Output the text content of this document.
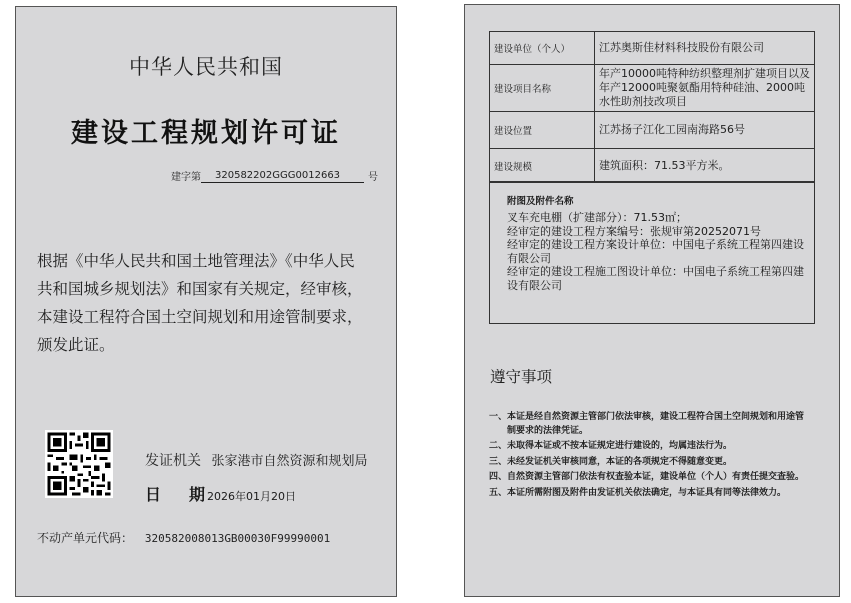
中华人民共和国
建设工程规划许可证
建字第	320582202GGG0012663	号
根据《中华人民共和国土地管理法》《中华人民共和国城乡规划法》和国家有关规定，经审核，本建设工程符合国土空间规划和用途管制要求，颁发此证。
发证机关 张家港市自然资源和规划局
日 期 2026年01月20日
不动产单元代码： 320582008013GB00030F99990001
建设单位（个人）	江苏奥斯佳材料科技股份有限公司
建设项目名称	年产10000吨特种纺织整理剂扩建项目以及年产12000吨聚氨酯用特种硅油、2000吨水性助剂技改项目
建设位置	江苏扬子江化工园南海路56号
建设规模	建筑面积：71.53平方米。
附图及附件名称
叉车充电棚（扩建部分）：71.53㎡；
经审定的建设工程方案编号：张规审第20252071号
经审定的建设工程方案设计单位：中国电子系统工程第四建设有限公司
经审定的建设工程施工图设计单位：中国电子系统工程第四建设有限公司
遵守事项
一、 本证是经自然资源主管部门依法审核，建设工程符合国土空间规划和用途管制要求的法律凭证。
二、 未取得本证或不按本证规定进行建设的，均属违法行为。
三、 未经发证机关审核同意，本证的各项规定不得随意变更。
四、 自然资源主管部门依法有权查验本证，建设单位（个人）有责任提交查验。
五、 本证所需附图及附件由发证机关依法确定，与本证具有同等法律效力。
